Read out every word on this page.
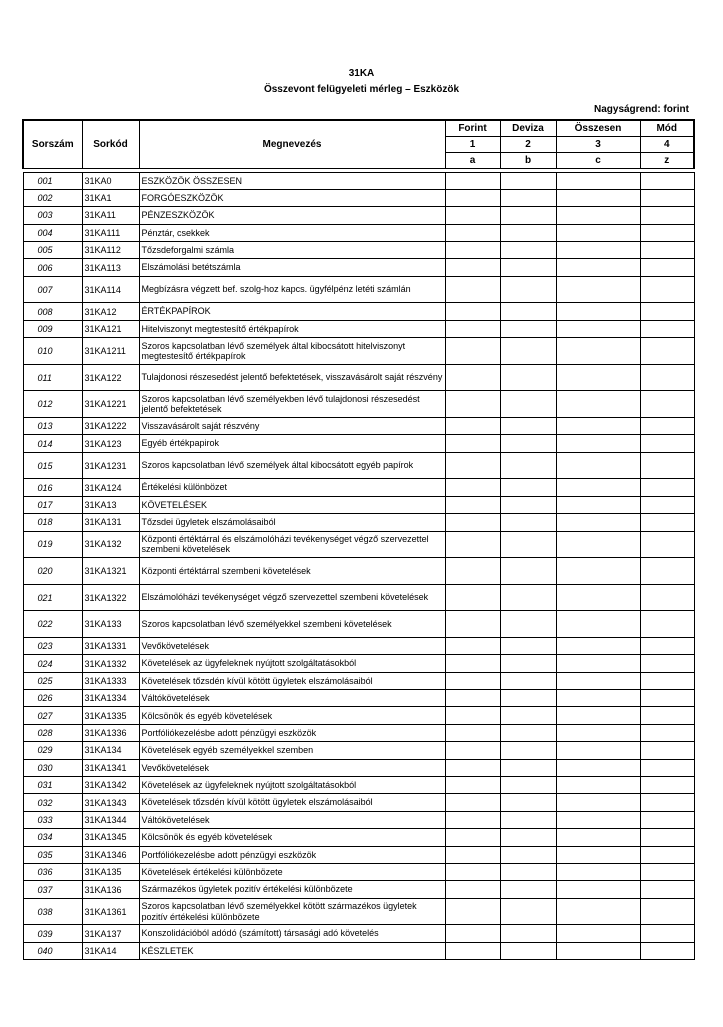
31KA
Összevont felügyeleti mérleg – Eszközök
Nagyságrend: forint
Sorszám	Sorkód	Megnevezés	Forint	Deviza	Összesen	Mód
			1	2	3	4
			a	b	c	z

001	31KA0	ESZKÖZÖK ÖSSZESEN				
002	31KA1	FORGÓESZKÖZÖK				
003	31KA11	PÉNZESZKÖZÖK				
004	31KA111	Pénztár, csekkek				
005	31KA112	Tőzsdeforgalmi számla				
006	31KA113	Elszámolási betétszámla				
007	31KA114	Megbízásra végzett bef. szolg-hoz kapcs. ügyfélpénz letéti számlán				
008	31KA12	ÉRTÉKPAPÍROK				
009	31KA121	Hitelviszonyt megtestesítő értékpapírok				
010	31KA1211	Szoros kapcsolatban lévő személyek által kibocsátott hitelviszonyt megtestesítő értékpapírok				
011	31KA122	Tulajdonosi részesedést jelentő befektetések, visszavásárolt saját részvény				
012	31KA1221	Szoros kapcsolatban lévő személyekben lévő tulajdonosi részesedést jelentő befektetések				
013	31KA1222	Visszavásárolt saját részvény				
014	31KA123	Egyéb értékpapirok				
015	31KA1231	Szoros kapcsolatban lévő személyek által kibocsátott egyéb papírok				
016	31KA124	Értékelési különbözet				
017	31KA13	KÖVETELÉSEK				
018	31KA131	Tőzsdei ügyletek elszámolásaiból				
019	31KA132	Központi értéktárral és elszámolóházi tevékenységet végző szervezettel szembeni követelések				
020	31KA1321	Központi értéktárral szembeni követelések				
021	31KA1322	Elszámolóházi tevékenységet végző szervezettel szembeni követelések				
022	31KA133	Szoros kapcsolatban lévő személyekkel szembeni követelések				
023	31KA1331	Vevőkövetelések				
024	31KA1332	Követelések az ügyfeleknek nyújtott szolgáltatásokból				
025	31KA1333	Követelések tőzsdén kívül kötött ügyletek elszámolásaiból				
026	31KA1334	Váltókövetelések				
027	31KA1335	Kölcsönök és egyéb követelések				
028	31KA1336	Portfóliókezelésbe adott pénzügyi eszközök				
029	31KA134	Követelések egyéb személyekkel szemben				
030	31KA1341	Vevőkövetelések				
031	31KA1342	Követelések az ügyfeleknek nyújtott szolgáltatásokból				
032	31KA1343	Követelések tőzsdén kívül kötött ügyletek elszámolásaiból				
033	31KA1344	Váltókövetelések				
034	31KA1345	Kölcsönök és egyéb követelések				
035	31KA1346	Portfóliókezelésbe adott pénzügyi eszközök				
036	31KA135	Követelések értékelési különbözete				
037	31KA136	Származékos ügyletek pozitív értékelési különbözete				
038	31KA1361	Szoros kapcsolatban lévő személyekkel kötött származékos ügyletek pozitív értékelési különbözete				
039	31KA137	Konszolidációból adódó (számított) társasági adó követelés				
040	31KA14	KÉSZLETEK				
